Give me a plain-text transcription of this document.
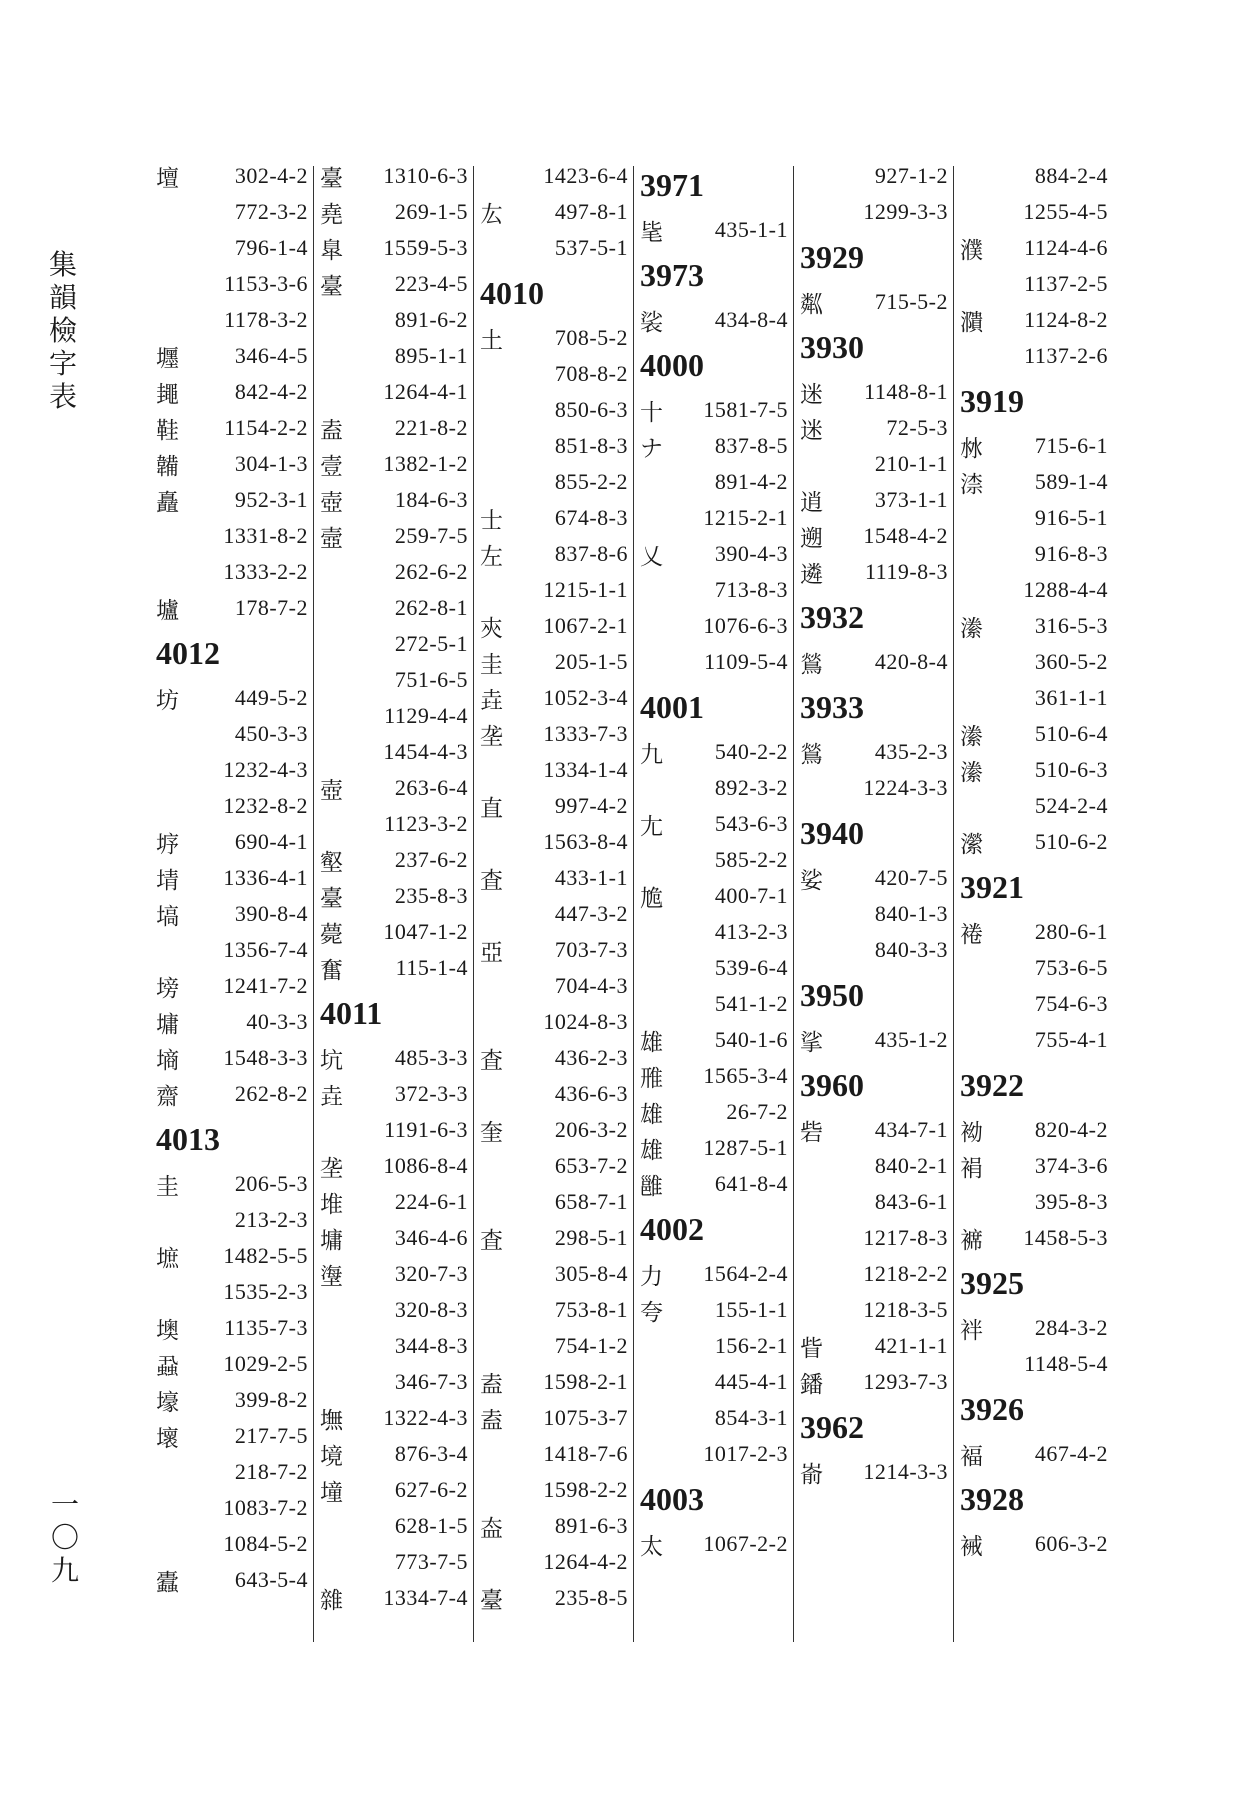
集韻檢字表
一〇九
壇	302-4-2
772-3-2
796-1-4
1153-3-6
1178-3-2
壥	346-4-5
䵷	842-4-2
鞋	1154-2-2
韛	304-1-3
矗	952-3-1
1331-8-2
1333-2-2
壚	178-7-2
4012
坊	449-5-2
450-3-3
1232-4-3
1232-8-2
垿	690-4-1
埥	1336-4-1
塙	390-8-4
1356-7-4
塝	1241-7-2
墉	40-3-3
墒	1548-3-3
齋	262-8-2
4013
圭	206-5-3
213-2-3
墌	1482-5-5
1535-2-3
墺	1135-7-3
蝨	1029-2-5
壕	399-8-2
壞	217-7-5
218-7-2
1083-7-2
1084-5-2
蠹	643-5-4
臺	1310-6-3
堯	269-1-5
臯	1559-5-3
臺	223-4-5
891-6-2
895-1-1
1264-4-1
盍	221-8-2
壹	1382-1-2
壺	184-6-3
壼	259-7-5
262-6-2
262-8-1
272-5-1
751-6-5
1129-4-4
1454-4-3
壺	263-6-4
1123-3-2
壑	237-6-2
臺	235-8-3
薨	1047-1-2
奮	115-1-4
4011
坑	485-3-3
垚	372-3-3
1191-6-3
垄	1086-8-4
堆	224-6-1
墉	346-4-6
塰	320-7-3
320-8-3
344-8-3
346-7-3
墲	1322-4-3
境	876-3-4
墥	627-6-2
628-1-5
773-7-5
雜	1334-7-4
1423-6-4
厷	497-8-1
537-5-1
4010
土	708-5-2
708-8-2
850-6-3
851-8-3
855-2-2
士	674-8-3
左	837-8-6
1215-1-1
㚒	1067-2-1
圭	205-1-5
垚	1052-3-4
垄	1333-7-3
1334-1-4
直	997-4-2
1563-8-4
査	433-1-1
447-3-2
亞	703-7-3
704-4-3
1024-8-3
査	436-2-3
436-6-3
奎	206-3-2
653-7-2
658-7-1
査	298-5-1
305-8-4
753-8-1
754-1-2
盍	1598-2-1
盍	1075-3-7
1418-7-6
1598-2-2
盇	891-6-3
1264-4-2
臺	235-8-5
3971
毞	435-1-1
3973
裟	434-8-4
4000
十	1581-7-5
ナ	837-8-5
891-4-2
1215-2-1
乂	390-4-3
713-8-3
1076-6-3
1109-5-4
4001
九	540-2-2
892-3-2
尢	543-6-3
585-2-2
尯	400-7-1
413-2-3
539-6-4
541-1-2
雄	540-1-6
雃	1565-3-4
雄	26-7-2
雄	1287-5-1
雝	641-8-4
4002
力	1564-2-4
夸	155-1-1
156-2-1
445-4-1
854-3-1
1017-2-3
4003
太	1067-2-2
927-1-2
1299-3-3
3929
粼	715-5-2
3930
迷	1148-8-1
迷	72-5-3
210-1-1
逍	373-1-1
遡	1548-4-2
遴	1119-8-3
3932
鶑	420-8-4
3933
鶑	435-2-3
1224-3-3
3940
娑	420-7-5
840-1-3
840-3-3
3950
挲	435-1-2
3960
砦	434-7-1
840-2-1
843-6-1
1217-8-3
1218-2-2
1218-3-5
眥	421-1-1
鐇	1293-7-3
3962
嵛	1214-3-3
884-2-4
1255-4-5
濮	1124-4-6
1137-2-5
濻	1124-8-2
1137-2-6
3919
沝	715-6-1
渿	589-1-4
916-5-1
916-8-3
1288-4-4
潫	316-5-3
360-5-2
361-1-1
潫	510-6-4
潫	510-6-3
524-2-4
瀠	510-6-2
3921
裷	280-6-1
753-6-5
754-6-3
755-4-1
3922
袎	820-4-2
裐	374-3-6
395-8-3
褯	1458-5-3
3925
袢	284-3-2
1148-5-4
3926
褔	467-4-2
3928
裓	606-3-2
